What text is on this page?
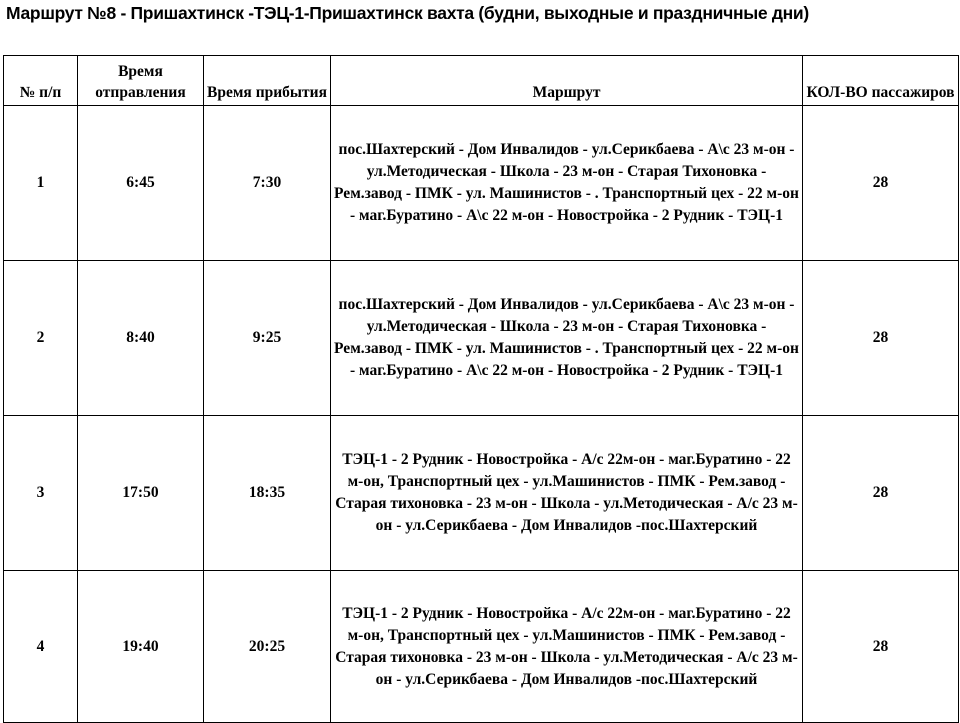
Маршрут №8 - Пришахтинск -ТЭЦ-1-Пришахтинск вахта (будни, выходные и праздничные дни)
№ п/п	Время отправления	Время прибытия	Маршрут	КОЛ-ВО пассажиров
1	6:45	7:30	пос.Шахтерский - Дом Инвалидов - ул.Серикбаева - А\с 23 м-он - ул.Методическая - Школа - 23 м-он - Старая Тихоновка - Рем.завод - ПМК - ул. Машинистов - . Транспортный цех - 22 м-он - маг.Буратино - А\с 22 м-он - Новостройка - 2 Рудник - ТЭЦ-1	28
2	8:40	9:25	пос.Шахтерский - Дом Инвалидов - ул.Серикбаева - А\с 23 м-он - ул.Методическая - Школа - 23 м-он - Старая Тихоновка - Рем.завод - ПМК - ул. Машинистов - . Транспортный цех - 22 м-он - маг.Буратино - А\с 22 м-он - Новостройка - 2 Рудник - ТЭЦ-1	28
3	17:50	18:35	ТЭЦ-1 - 2 Рудник - Новостройка - А/с 22м-он - маг.Буратино - 22 м-он, Транспортный цех - ул.Машинистов - ПМК - Рем.завод - Старая тихоновка - 23 м-он - Школа - ул.Методическая - А/с 23 м-он - ул.Серикбаева - Дом Инвалидов -пос.Шахтерский	28
4	19:40	20:25	ТЭЦ-1 - 2 Рудник - Новостройка - А/с 22м-он - маг.Буратино - 22 м-он, Транспортный цех - ул.Машинистов - ПМК - Рем.завод - Старая тихоновка - 23 м-он - Школа - ул.Методическая - А/с 23 м-он - ул.Серикбаева - Дом Инвалидов -пос.Шахтерский	28
